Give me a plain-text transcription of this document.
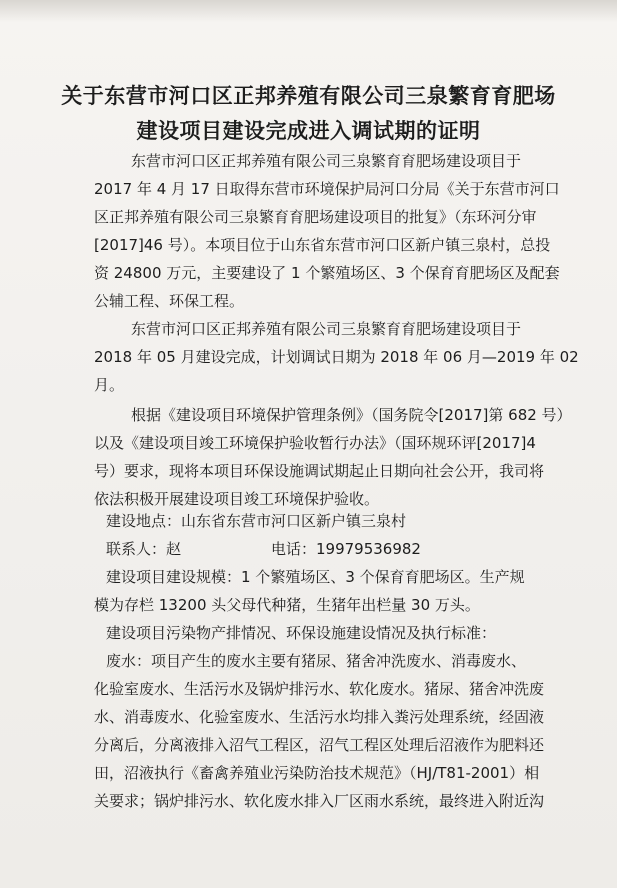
关于东营市河口区正邦养殖有限公司三泉繁育育肥场
建设项目建设完成进入调试期的证明
东营市河口区正邦养殖有限公司三泉繁育育肥场建设项目于
2017 年 4 月 17 日取得东营市环境保护局河口分局《关于东营市河口
区正邦养殖有限公司三泉繁育育肥场建设项目的批复》（东环河分审
[2017]46 号）。本项目位于山东省东营市河口区新户镇三泉村，总投
资 24800 万元，主要建设了 1 个繁殖场区、3 个保育育肥场区及配套
公辅工程、环保工程。
东营市河口区正邦养殖有限公司三泉繁育育肥场建设项目于
2018 年 05 月建设完成，计划调试日期为 2018 年 06 月—2019 年 02
月。
根据《建设项目环境保护管理条例》（国务院令[2017]第 682 号）
以及《建设项目竣工环境保护验收暂行办法》（国环规环评[2017]4
号）要求，现将本项目环保设施调试期起止日期向社会公开，我司将
依法积极开展建设项目竣工环境保护验收。
建设地点：山东省东营市河口区新户镇三泉村
联系人：赵	电话：19979536982
建设项目建设规模：1 个繁殖场区、3 个保育育肥场区。生产规
模为存栏 13200 头父母代种猪，生猪年出栏量 30 万头。
建设项目污染物产排情况、环保设施建设情况及执行标准：
废水：项目产生的废水主要有猪尿、猪舍冲洗废水、消毒废水、
化验室废水、生活污水及锅炉排污水、软化废水。猪尿、猪舍冲洗废
水、消毒废水、化验室废水、生活污水均排入粪污处理系统，经固液
分离后，分离液排入沼气工程区，沼气工程区处理后沼液作为肥料还
田，沼液执行《畜禽养殖业污染防治技术规范》（HJ/T81-2001）相
关要求；锅炉排污水、软化废水排入厂区雨水系统，最终进入附近沟
